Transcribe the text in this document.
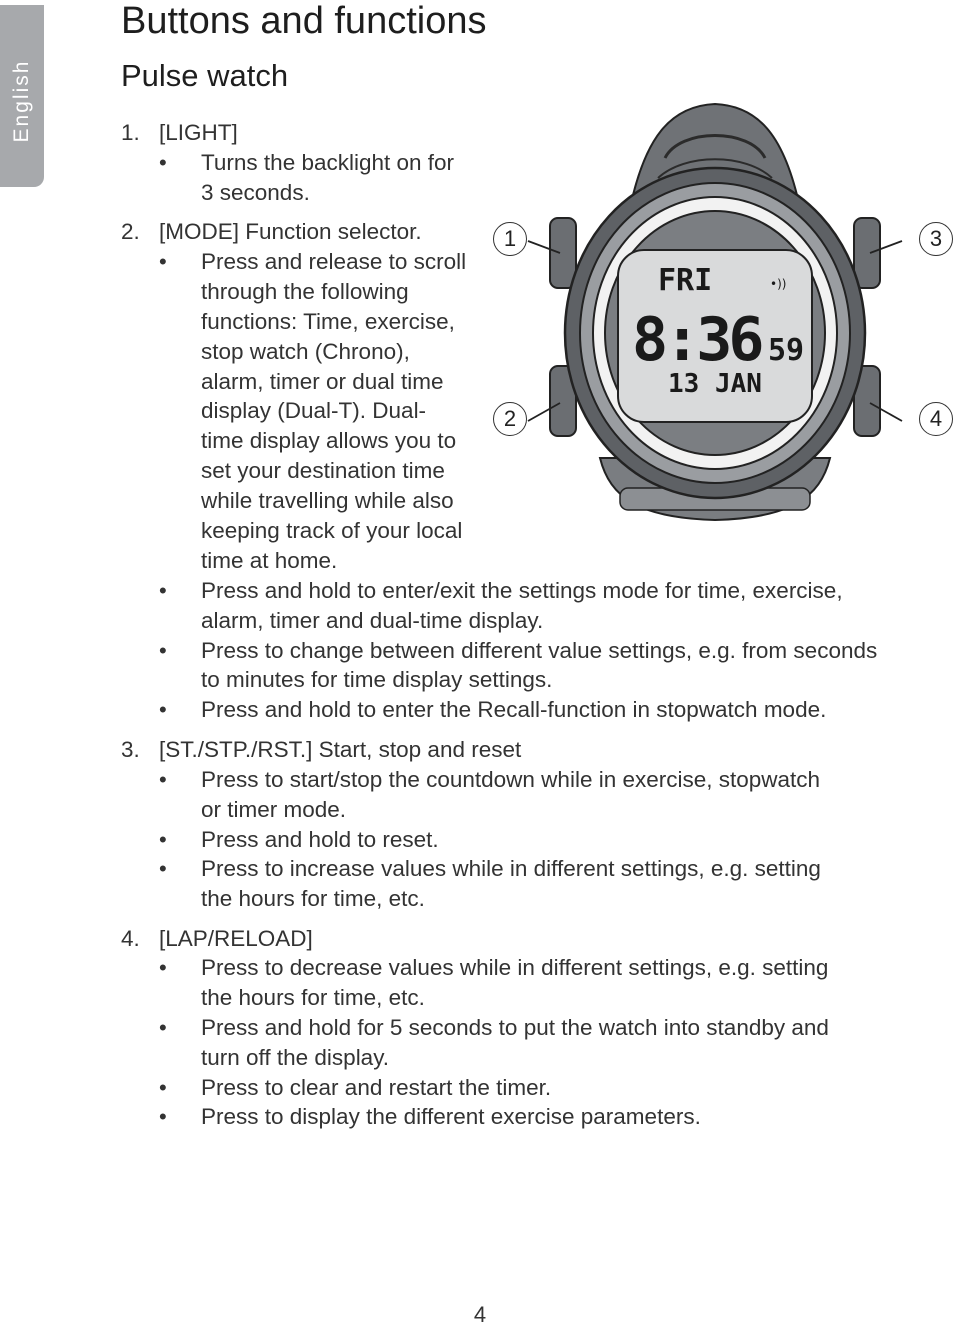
English
Buttons and functions
Pulse watch
1. [LIGHT]
• Turns the backlight on for
3 seconds.
2. [MODE] Function selector.
• Press and release to scroll
through the following
functions: Time, exercise,
stop watch (Chrono),
alarm, timer or dual time
display (Dual-T). Dual-
time display allows you to
set your destination time
while travelling while also
keeping track of your local
time at home.
• Press and hold to enter/exit the settings mode for time, exercise,
alarm, timer and dual-time display.
• Press to change between different value settings, e.g. from seconds
to minutes for time display settings.
• Press and hold to enter the Recall-function in stopwatch mode.
3. [ST./STP./RST.] Start, stop and reset
• Press to start/stop the countdown while in exercise, stopwatch
or timer mode.
• Press and hold to reset.
• Press to increase values while in different settings, e.g. setting
the hours for time, etc.
4. [LAP/RELOAD]
• Press to decrease values while in different settings, e.g. setting
the hours for time, etc.
• Press and hold for 5 seconds to put the watch into standby and
turn off the display.
• Press to clear and restart the timer.
• Press to display the different exercise parameters.
FRI	•))
8:36 59
13 JAN
1
2
3
4
4
